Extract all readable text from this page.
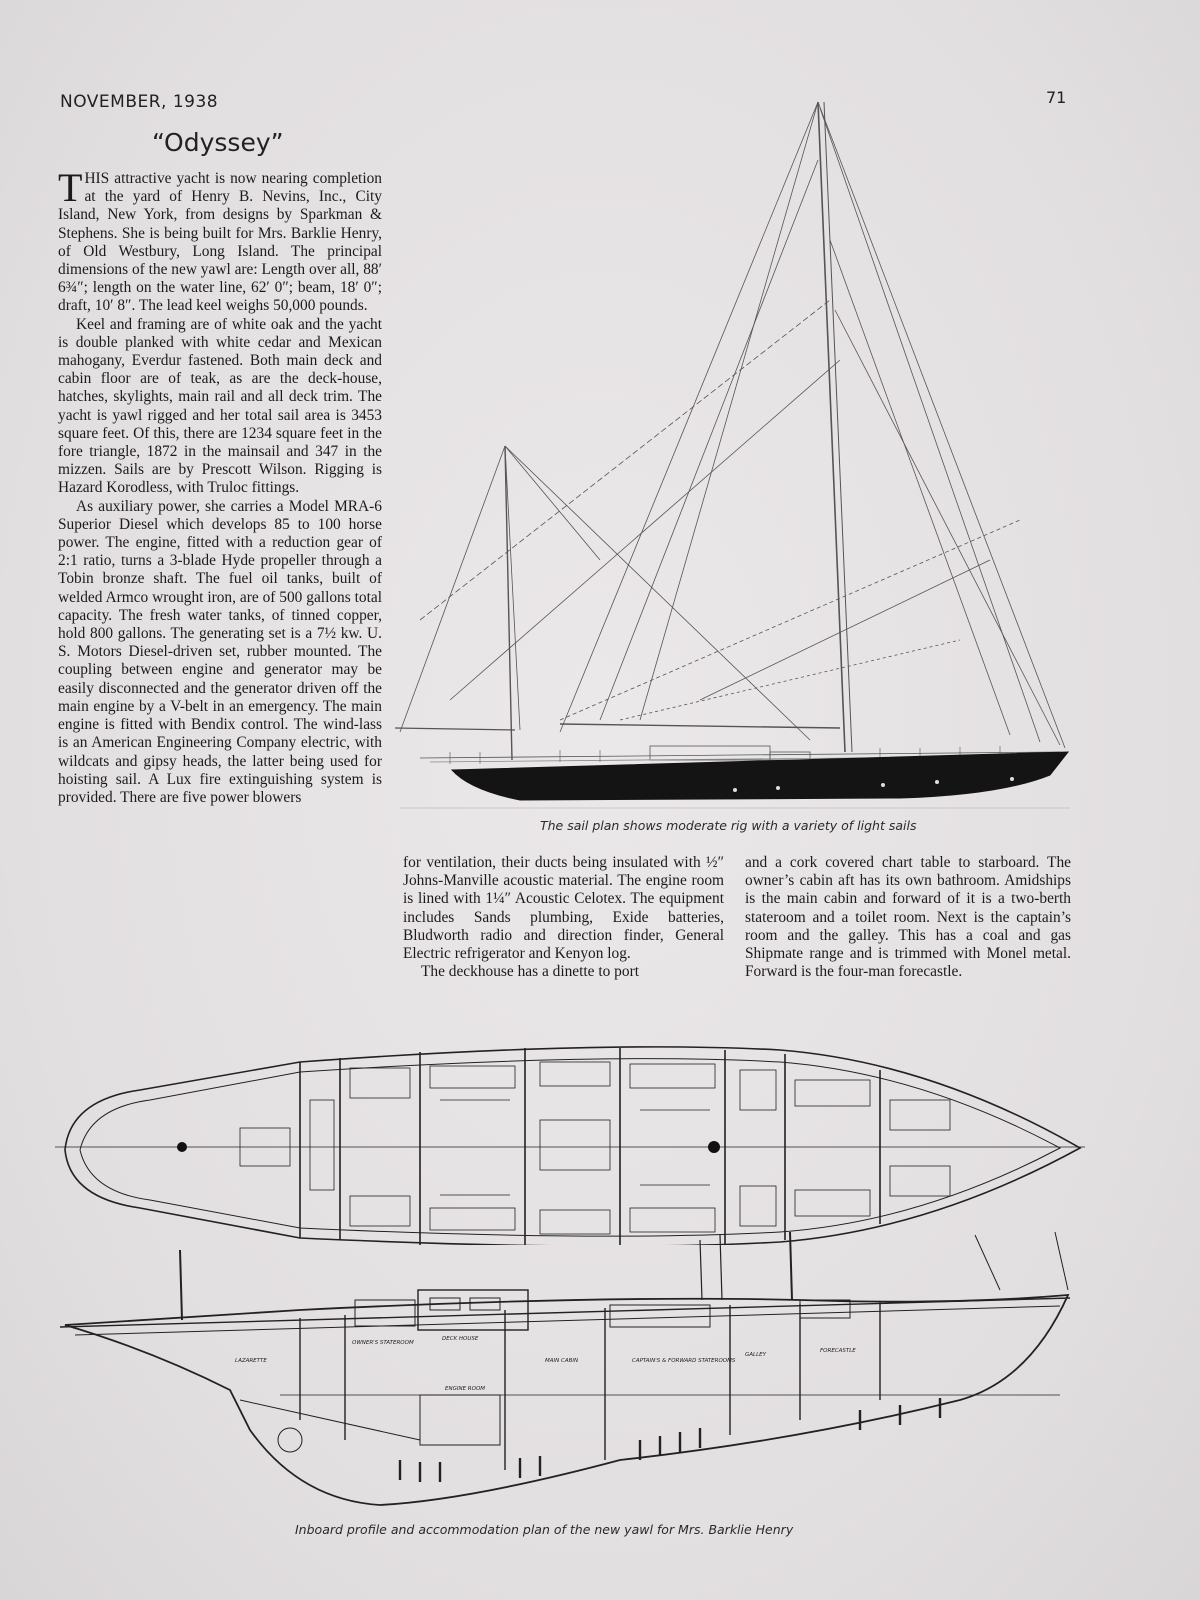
NOVEMBER, 1938	71
“Odyssey”

THIS attractive yacht is now nearing completion at the yard of Henry B. Nevins, Inc., City Island, New York, from designs by Sparkman & Stephens. She is being built for Mrs. Barklie Henry, of Old Westbury, Long Island. The principal dimensions of the new yawl are: Length over all, 88′ 6¾″; length on the water line, 62′ 0″; beam, 18′ 0″; draft, 10′ 8″. The lead keel weighs 50,000 pounds.

Keel and framing are of white oak and the yacht is double planked with white cedar and Mexican mahogany, Everdur fastened. Both main deck and cabin floor are of teak, as are the deck-house, hatches, skylights, main rail and all deck trim. The yacht is yawl rigged and her total sail area is 3453 square feet. Of this, there are 1234 square feet in the fore triangle, 1872 in the mainsail and 347 in the mizzen. Sails are by Prescott Wilson. Rigging is Hazard Korodless, with Truloc fittings.

As auxiliary power, she carries a Model MRA-6 Superior Diesel which develops 85 to 100 horse power. The engine, fitted with a reduction gear of 2:1 ratio, turns a 3-blade Hyde propeller through a Tobin bronze shaft. The fuel oil tanks, built of welded Armco wrought iron, are of 500 gallons total capacity. The fresh water tanks, of tinned copper, hold 800 gallons. The generating set is a 7½ kw. U. S. Motors Diesel-driven set, rubber mounted. The coupling between engine and generator may be easily disconnected and the generator driven off the main engine by a V-belt in an emergency. The main engine is fitted with Bendix control. The wind-lass is an American Engineering Company electric, with wildcats and gipsy heads, the latter being used for hoisting sail. A Lux fire extinguishing system is provided. There are five power blowers

for ventilation, their ducts being insulated with ½″ Johns-Manville acoustic material. The engine room is lined with 1¼″ Acoustic Celotex. The equipment includes Sands plumbing, Exide batteries, Bludworth radio and direction finder, General Electric refrigerator and Kenyon log.

The deckhouse has a dinette to port

and a cork covered chart table to starboard. The owner’s cabin aft has its own bathroom. Amidships is the main cabin and forward of it is a two-berth stateroom and a toilet room. Next is the captain’s room and the galley. This has a coal and gas Shipmate range and is trimmed with Monel metal. Forward is the four-man forecastle.

The sail plan shows moderate rig with a variety of light sails
OWNER'S STATEROOM
DECK HOUSE
MAIN CABIN	CAPTAIN'S & FORWARD STATEROOMS
GALLEY
FORECASTLE
ENGINE ROOM
LAZARETTE
Inboard profile and accommodation plan of the new yawl for Mrs. Barklie Henry
